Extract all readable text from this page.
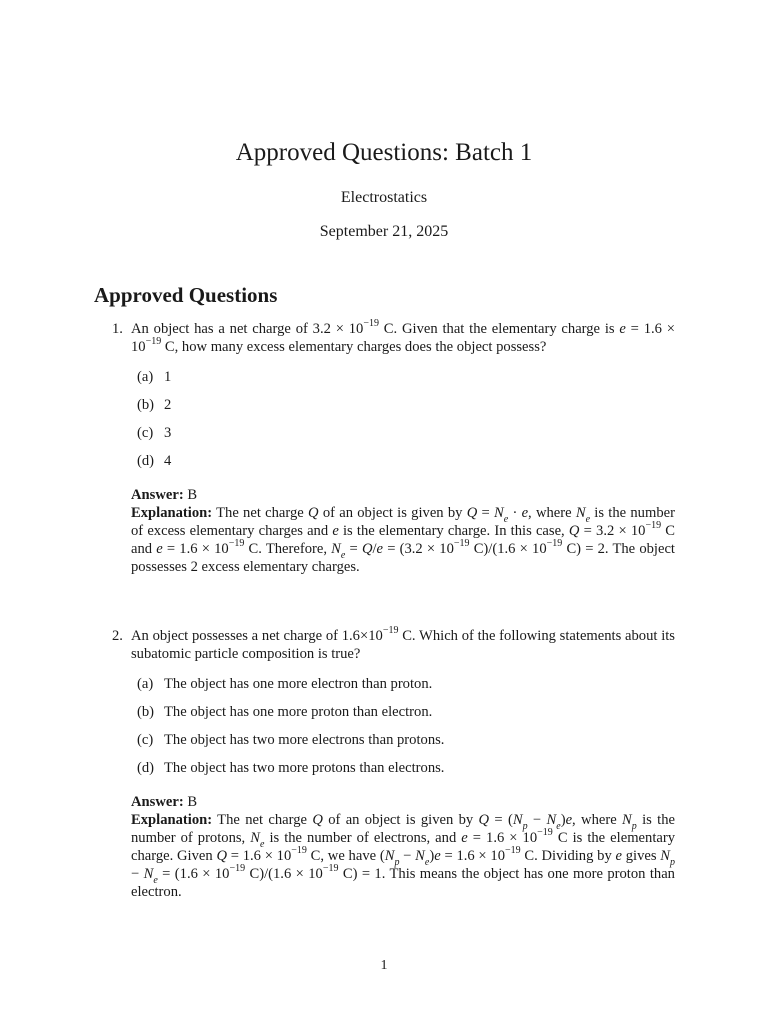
Approved Questions: Batch 1
Electrostatics
September 21, 2025
Approved Questions
1. An object has a net charge of $3.2 \times 10^{-19}$ C. Given that the elementary charge is $e = 1.6 \times 10^{-19}$ C, how many excess elementary charges does the object possess?
(a) 1
(b) 2
(c) 3
(d) 4
Answer: B
Explanation: The net charge Q of an object is given by $Q = N_e \cdot e$, where $N_e$ is the number of excess elementary charges and e is the elementary charge. In this case, $Q = 3.2 \times 10^{-19}$ C and $e = 1.6 \times 10^{-19}$ C. Therefore, $N_e = Q/e = (3.2 \times 10^{-19}$ $C)/(1.6 \times 10^{-19}$ C) = 2. The object possesses 2 excess elementary charges.
2. An object possesses a net charge of $1.6\times 10^{-19}$ C. Which of the following statements about its subatomic particle composition is true?
(a) The object has one more electron than proton.
(b) The object has one more proton than electron.
(c) The object has two more electrons than protons.
(d) The object has two more protons than electrons.
Answer: B
Explanation: The net charge Q of an object is given by $Q = (N_p - N_e)e$, where $N_p$ is the number of protons, $N_e$ is the number of electrons, and $e = 1.6 \times 10^{-19}$ C is the elementary charge. Given $Q = 1.6 \times 10^{-19}$ C, we have $(N_p - N_e)e = 1.6 \times 10^{-19}$ C. Dividing by e gives $N_p - N_e = (1.6 \times 10^{-19}$ $C)/(1.6 \times 10^{-19}$ C) = 1. This means the object has one more proton than electron.
1
